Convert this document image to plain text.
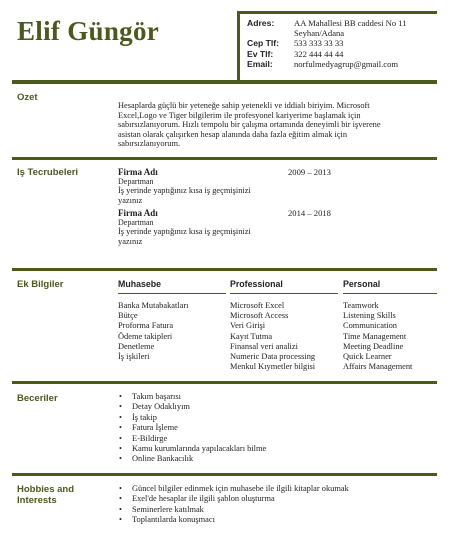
Elif Güngör	Adres:	AA Mahallesi BB caddesi No 11
Seyhan/Adana
Cep Tlf:	533 333 33 33
Ev Tlf:	322 444 44 44
Email:	norfulmedyagrup@gmail.com
Ozet
Hesaplarda güçlü bir yeteneğe sahip yetenekli ve iddialı biriyim. Microsoft
Excel,Logo ve Tiger bilgilerim ile profesyonel kariyerime başlamak için
sabırsızlanıyorum. Hızlı tempolu bir çalışma ortamında deneyimli bir işverene
asistan olarak çalışırken hesap alanında daha fazla eğitim almak için
sabırsızlanıyorum.
Iş Tecrubeleri	Firma Adı
Departman
İş yerinde yaptığınız kısa iş geçmişinizi
yazınız
2009 – 2013
Firma Adı
Departman
İş yerinde yaptığınız kısa iş geçmişinizi
yazınız
2014 – 2018
Ek Bilgiler	Muhasebe
Banka Mutabakatları
Bütçe
Proforma Fatura
Ödeme takipleri
Denetleme
İş işkileri
Professional
Microsoft Excel
Microsoft Access
Veri Girişi
Kayıt Tutma
Finansal veri analizi
Numeric Data processing
Menkul Kıymetler bilgisi
Personal
Teamwork
Listening Skills
Communication
Time Management
Meeting Deadline
Quick Learner
Affairs Management
Beceriler
•	Takım başarısı
• Detay Odaklıyım
• İş takip
• Fatura İşleme
• E-Bildirge
• Kamu kurumlarında yapılacakları bilme
• Online Bankacılık
Hobbies and
Interests
• Güncel bilgiler edinmek için muhasebe ile ilgili kitaplar okumak
• Exel'de hesaplar ile ilgili şablon oluşturma
• Seminerlere katılmak
• Toplantılarda konuşmacı
